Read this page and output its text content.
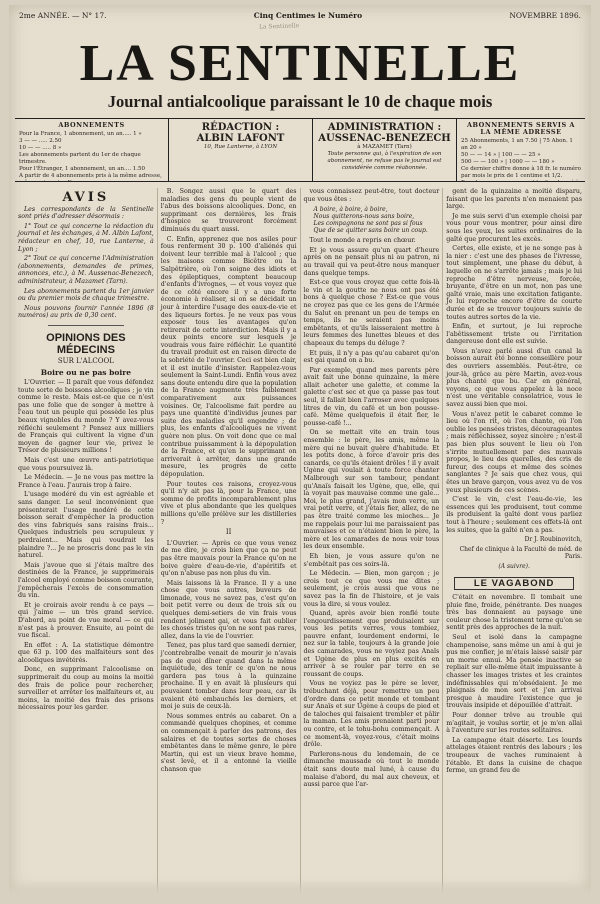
2me ANNÉE. — N° 17.	Cinq Centimes le Numéro	NOVEMBRE 1896.
La Sentinelle
LA SENTINELLE
Journal antialcoolique paraissant le 10 de chaque mois
ABONNEMENTS
Pour la France, 1 abonnement, un an..... 1 »
3 — — ..... 2.50
10 — — ..... 8 »
Les abonnements partent du 1er de chaque trimestre.
Pour l'Étranger, 1 abonnement, un an.... 1.50
A partir de 4 abonnements pris à la même adresse,
RÉDACTION :
ALBIN LAFONT
10, Rue Lanterne, à LYON
ADMINISTRATION :
AUSSENAC-BENEZECH
à MAZAMET (Tarn)
Toute personne qui, à l'expiration de son abonnement, ne refuse pas le journal est considérée comme réabonnée.
ABONNEMENTS SERVIS A LA MÊME ADRESSE
25 Abonnements, 1 an 7.50 | 75 Abon. 1 an 20 »
50 — — 14 » | 100 — — 25 »
500 — — 100 » | 1000 — — 180 »
Ce dernier chiffre donne à 18 fr. le numéro par mois le prix de 1 centime et 1/2.
AVIS

Les correspondants de la Sentinelle sont priés d'adresser désormais :

1° Tout ce qui concerne la rédaction du journal et les échanges, à M. Albin Lafont, rédacteur en chef, 10, rue Lanterne, à Lyon ;

2° Tout ce qui concerne l'Administration (abonnements, demandes de primes, annonces, etc.), à M. Aussenac-Benezech, administrateur, à Mazamet (Tarn).

Les abonnements partent du 1er janvier ou du premier mois de chaque trimestre.

Nous pouvons fournir l'année 1896 (8 numéros) au prix de 0,30 cent.

OPINIONS DES MÉDECINS
SUR L'ALCOOL
Boire ou ne pas boire

L'Ouvrier. — Il paraît que vous défendez toute sorte de boissons alcooliques ; je vin comme le reste. Mais est-ce que ce n'est pas une folie que de songer à mettre à l'eau tout un peuple qui possède les plus beaux vignobles du monde ? Y avez-vous réfléchi seulement ? Pensez aux milliers de Français qui cultivent la vigne d'un moyen de gagner leur vie, privez le Trésor de plusieurs millions !

Mais c'est une œuvre anti-patriotique que vous poursuivez là.

Le Médecin. — Je ne vous pas mettre la France à l'eau. J'aurais trop à faire.

L'usage modéré du vin est agréable et sans danger. Le seul inconvénient que présenterait l'usage modéré de cette boisson serait d'empêcher la production des vins fabriqués sans raisins frais... Quelques industriels peu scrupuleux y perdraient... Mais qui voudrait les plaindre ?... Je ne proscris donc pas le vin naturel.

Mais j'avoue que si j'étais maître des destinées de la France, je supprimerais l'alcool employé comme boisson courante, j'empêcherais l'excès de consommation du vin.

Et je croirais avoir rendu à ce pays — qui j'aime — un très grand service. D'abord, au point de vue moral — ce qui n'est pas à prouver. Ensuite, au point de vue fiscal.

En effet : A. La statistique démontre que 63 p. 100 des malfaiteurs sont des alcooliques invétérés.

Donc, en supprimant l'alcoolisme on supprimerait du coup au moins la moitié des frais de police pour rechercher, surveiller et arrêter les malfaiteurs et, au moins, la moitié des frais des prisons nécessaires pour les garder.

B. Songez aussi que le quart des maladies des gens du peuple vient de l'abus des boissons alcooliques. Donc, en supprimant ces dernières, les frais d'hospice se trouveront forcément diminués du quart aussi.

C. Enfin, apprenez que nos asiles pour fous renferment 30 p. 100 d'aliénés qui doivent leur terrible mal à l'alcool ; que les maisons comme Bicêtre ou la Salpêtrière, où l'on soigne des idiots et des épileptiques, comptent beaucoup d'enfants d'ivrognes, — et vous voyez que de ce côté encore il y a une forte économie à réaliser, si on se décidait un jour à interdire l'usage des eaux-de-vie et des liqueurs fortes. Je ne veux pas vous exposer tous les avantages qu'on retirerait de cette interdiction. Mais il y a deux points encore sur lesquels je voudrais vous faire réfléchir. Le quantité du travail produit est en raison directe de la sobriété de l'ouvrier. Ceci est bien clair, et il est inutile d'insister. Rappelez-vous seulement la Saint-Lundi. Enfin vous avez sans doute entendu dire que la population de la France augmente très faiblement comparativement aux puissances voisines. Or, l'alcoolisme fait perdre au pays une quantité d'individus jeunes par suite des maladies qu'il engendre ; de plus, les enfants d'alcooliques ne vivent guère non plus. On voit donc que ce mal contribue puissamment à la dépopulation de la France, et qu'en le supprimant on arriverait à arrêter, dans une grande mesure, les progrès de cette dépopulation.

Pour toutes ces raisons, croyez-vous qu'il n'y ait pas là, pour la France, une somme de profits incomparablement plus vive et plus abondante que les quelques millions qu'elle prélève sur les distilleries ?

II

L'Ouvrier. — Après ce que vous venez de me dire, je crois bien que ça ne peut pas être mauvais pour la France qu'on ne boive guère d'eau-de-vie, d'apéritifs et qu'on n'abuse pas non plus du vin.

Mais laissons là la France. Il y a une chose que vous autres, buveurs de limonade, vous ne savez pas, c'est qu'on boit petit verre ou deux de trois six ou quelques demi-setiers de vin frais vous rendent joliment gai, et vous fait oublier les choses tristes qu'on ne sont pas rares, allez, dans la vie de l'ouvrier.

Tenez, pas plus tard que samedi dernier, j'contrebralbe venait de mourir je n'avais pas de quoi dîner quand dans la même inquiétude, des tenir ce qu'on ne nous gardera pas tous à la quinzaine prochaine. Il y en avait là plusieurs qui pouvaient tomber dans leur peau, car ils avaient été embauchés les derniers, et moi je suis de ceux-là.

Nous sommes entrés au cabaret. On a commandé quelques chopines, et comme on commençait à parler des patrons, des salaires et de toutes sortes de choses embêtantes dans le même genre, le père Martin, qui est un vieux brave homme, s'est levé, et il a entonné la vieille chanson que

vous connaissez peut-être, tout docteur que vous êtes :

A boire, à boire, à boire,
Nous quitterons-nous sans boire,
Les compagnons ne sont pas si fous
Que de se quitter sans boire un coup.

Tout le monde a repris en chœur.

Et je vous assure qu'un quart d'heure après on ne pensait plus ni au patron, ni au travail qui va peut-être nous manquer dans quelque temps.

Est-ce que vous croyez que cette fois-là le vin et la goutte ne nous ont pas été bons à quelque chose ? Est-ce que vous ne croyez pas que ce les gens de l'Armée du Salut en prenant un peu de temps en temps, ils ne seraient pas moins embêtants, et qu'ils laisseraient mettre à leurs femmes des lunettes bleues et des chapeaux du temps du déluge ?

Et puis, il n'y a pas qu'au cabaret qu'on est gai quand on a bu.

Par exemple, quand mes parents père avait fait une bonne quinzaine, la mère allait acheter une galette, et comme la galette c'est sec et que ça passe pas tout seul, il fallait bien l'arroser avec quelques litres de vin, du café et un bon pousse-café. Même quelquefois il était fier, le pousse-café !...

On se mettait vite en train tous ensemble : le père, les amis, même la mère qui ne buvait guère d'habitude. Et les potits donc, à force d'avoir pris des canards, ce qu'ils étaient drôles ! il y avait Ugène qui voulait à toute force chanter Malbrough sur son tambour, pendant qu'Anaïs faisait les Ugène, que, elle, qui la voyait pas mauvaise comme une gale... Moi, le plus grand, j'avais mon verre, un vrai petit verre, et j'étais fier, allez, de ne pas être traité comme les mioches... Je me rappelais pour lui me paraissaient pas mauvaises et ce n'étaient bien le père, la mère et les camarades de nous voir tous les deux ensemble.

Eh bien, je vous assure qu'on ne s'embêtait pas ces soirs-là.

Le Médecin. — Bien, mon garçon ; je crois tout ce que vous me dites ; seulement, je crois aussi que vous ne savez pas la fin de l'histoire, et je vais vous la dire, si vous voulez.

Quand, après avoir bien ronflé toute l'engourdissement que produisaient sur vous les petits verres, vous tombiez, pauvre enfant, lourdement endormi, le nez sur la table, toujours à la grande joie des camarades, vous ne voyiez pas Anaïs et Ugène de plus en plus excités en arriver à se rouler par terre en se roussant de coups.

Vous ne voyiez pas le père se lever, trébuchant déjà, pour remettre un peu d'ordre dans ce petit monde et tombant sur Anaïs et sur Ugène à coups de pied et de taloches qui faisaient trembler et pâlir la maman. Les amis prenaient parti pour ou contre, et le tohu-bohu commençait. A ce moment-là, voyez-vous, c'était moins drôle.

Parlerons-nous du lendemain, de ce dimanche maussade où tout le monde était sans doute mal luné, à cause du malaise d'abord, du mal aux cheveux, et aussi parce que l'ar-

gent de la quinzaine a moitié disparu, faisant que les parents n'en menaient pas large.

Je me suis servi d'un exemple choisi par vous pour vous montrer, pour ainsi dire sous les yeux, les suites ordinaires de la gaîté que procurent les excès.

Certes, elle existe, et je ne songe pas à la nier : c'est une des phases de l'ivresse, tout simplement, une phase du début, à laquelle on ne s'arrête jamais ; mais je lui reproche d'être nerveuse, forcée, bruyante, d'être en un mot, non pas une gaîté vraie, mais une excitation fatigante. Je lui reproche encore d'être de courte durée et de se trouver toujours suivie de toutes autres sortes de la vie.

Enfin, et surtout, je lui reproche l'abêtissement triste ou l'irritation dangereuse dont elle est suivie.

Vous n'avez parlé aussi d'un canal la boisson aurait été bonne conseillère pour des ouvriers assemblés. Peut-être, ce jour-là, grâce au père Martin, avez-vous plus chanté que bu. Car en général, voyons, ce que vous appelez à la noce n'est une véritable consolatrice, vous le savez aussi bien que moi.

Vous n'avez petit le cabaret comme le lieu où l'on rit, où l'on chante, où l'on oublie les pensées tristes, décourageantes ; mais réfléchissez, soyez sincère ; n'est-il pas bien plus souvent le lieu où l'on s'irrite mutuellement par des mauvais propos, le lieu des querelles, des cris de fureur, des coups et même des scènes sanglantes ? Je sais que chez vous, qui êtes un brave garçon, vous avez vu de vos yeux plusieurs de ces scènes.

C'est le vin, c'est l'eau-de-vie, les essences qui les produisent, tout comme ils produisent la gaîté dont vous parliez tout à l'heure ; seulement ces effets-là ont les suites, que la gaîté n'en a pas.

Dr J. Roubinovitch,
Chef de clinique à la Faculté de méd. de Paris.
(A suivre).
LE VAGABOND

C'était en novembre. Il tombait une pluie fine, froide, pénétrante. Des nuages très bas donnaient au paysage une couleur chose la tristement terne qu'on se sentit près des approches de la nuit.

Seul et isolé dans la campagne champenoise, sans même un ami à qui je pus me confier, je m'étais laissé saisir par un morne ennui. Ma pensée inactive se repliait sur elle-même était impuissante à chasser les images tristes et les craintes indéfinissables qui m'obsédaient. Je me plaignais de mon sort et j'en arrivai presque à maudire l'existence que je trouvais insipide et dépouillée d'attrait.

Pour donner trêve au trouble qui m'agitait, je voulus sortir, et je m'en allai à l'aventure sur les routes solitaires.

La campagne était déserte. Les lourds attelages étaient rentrés des labours ; les troupeaux de vaches ruminaient à l'étable. Et dans la cuisine de chaque ferme, un grand feu de
